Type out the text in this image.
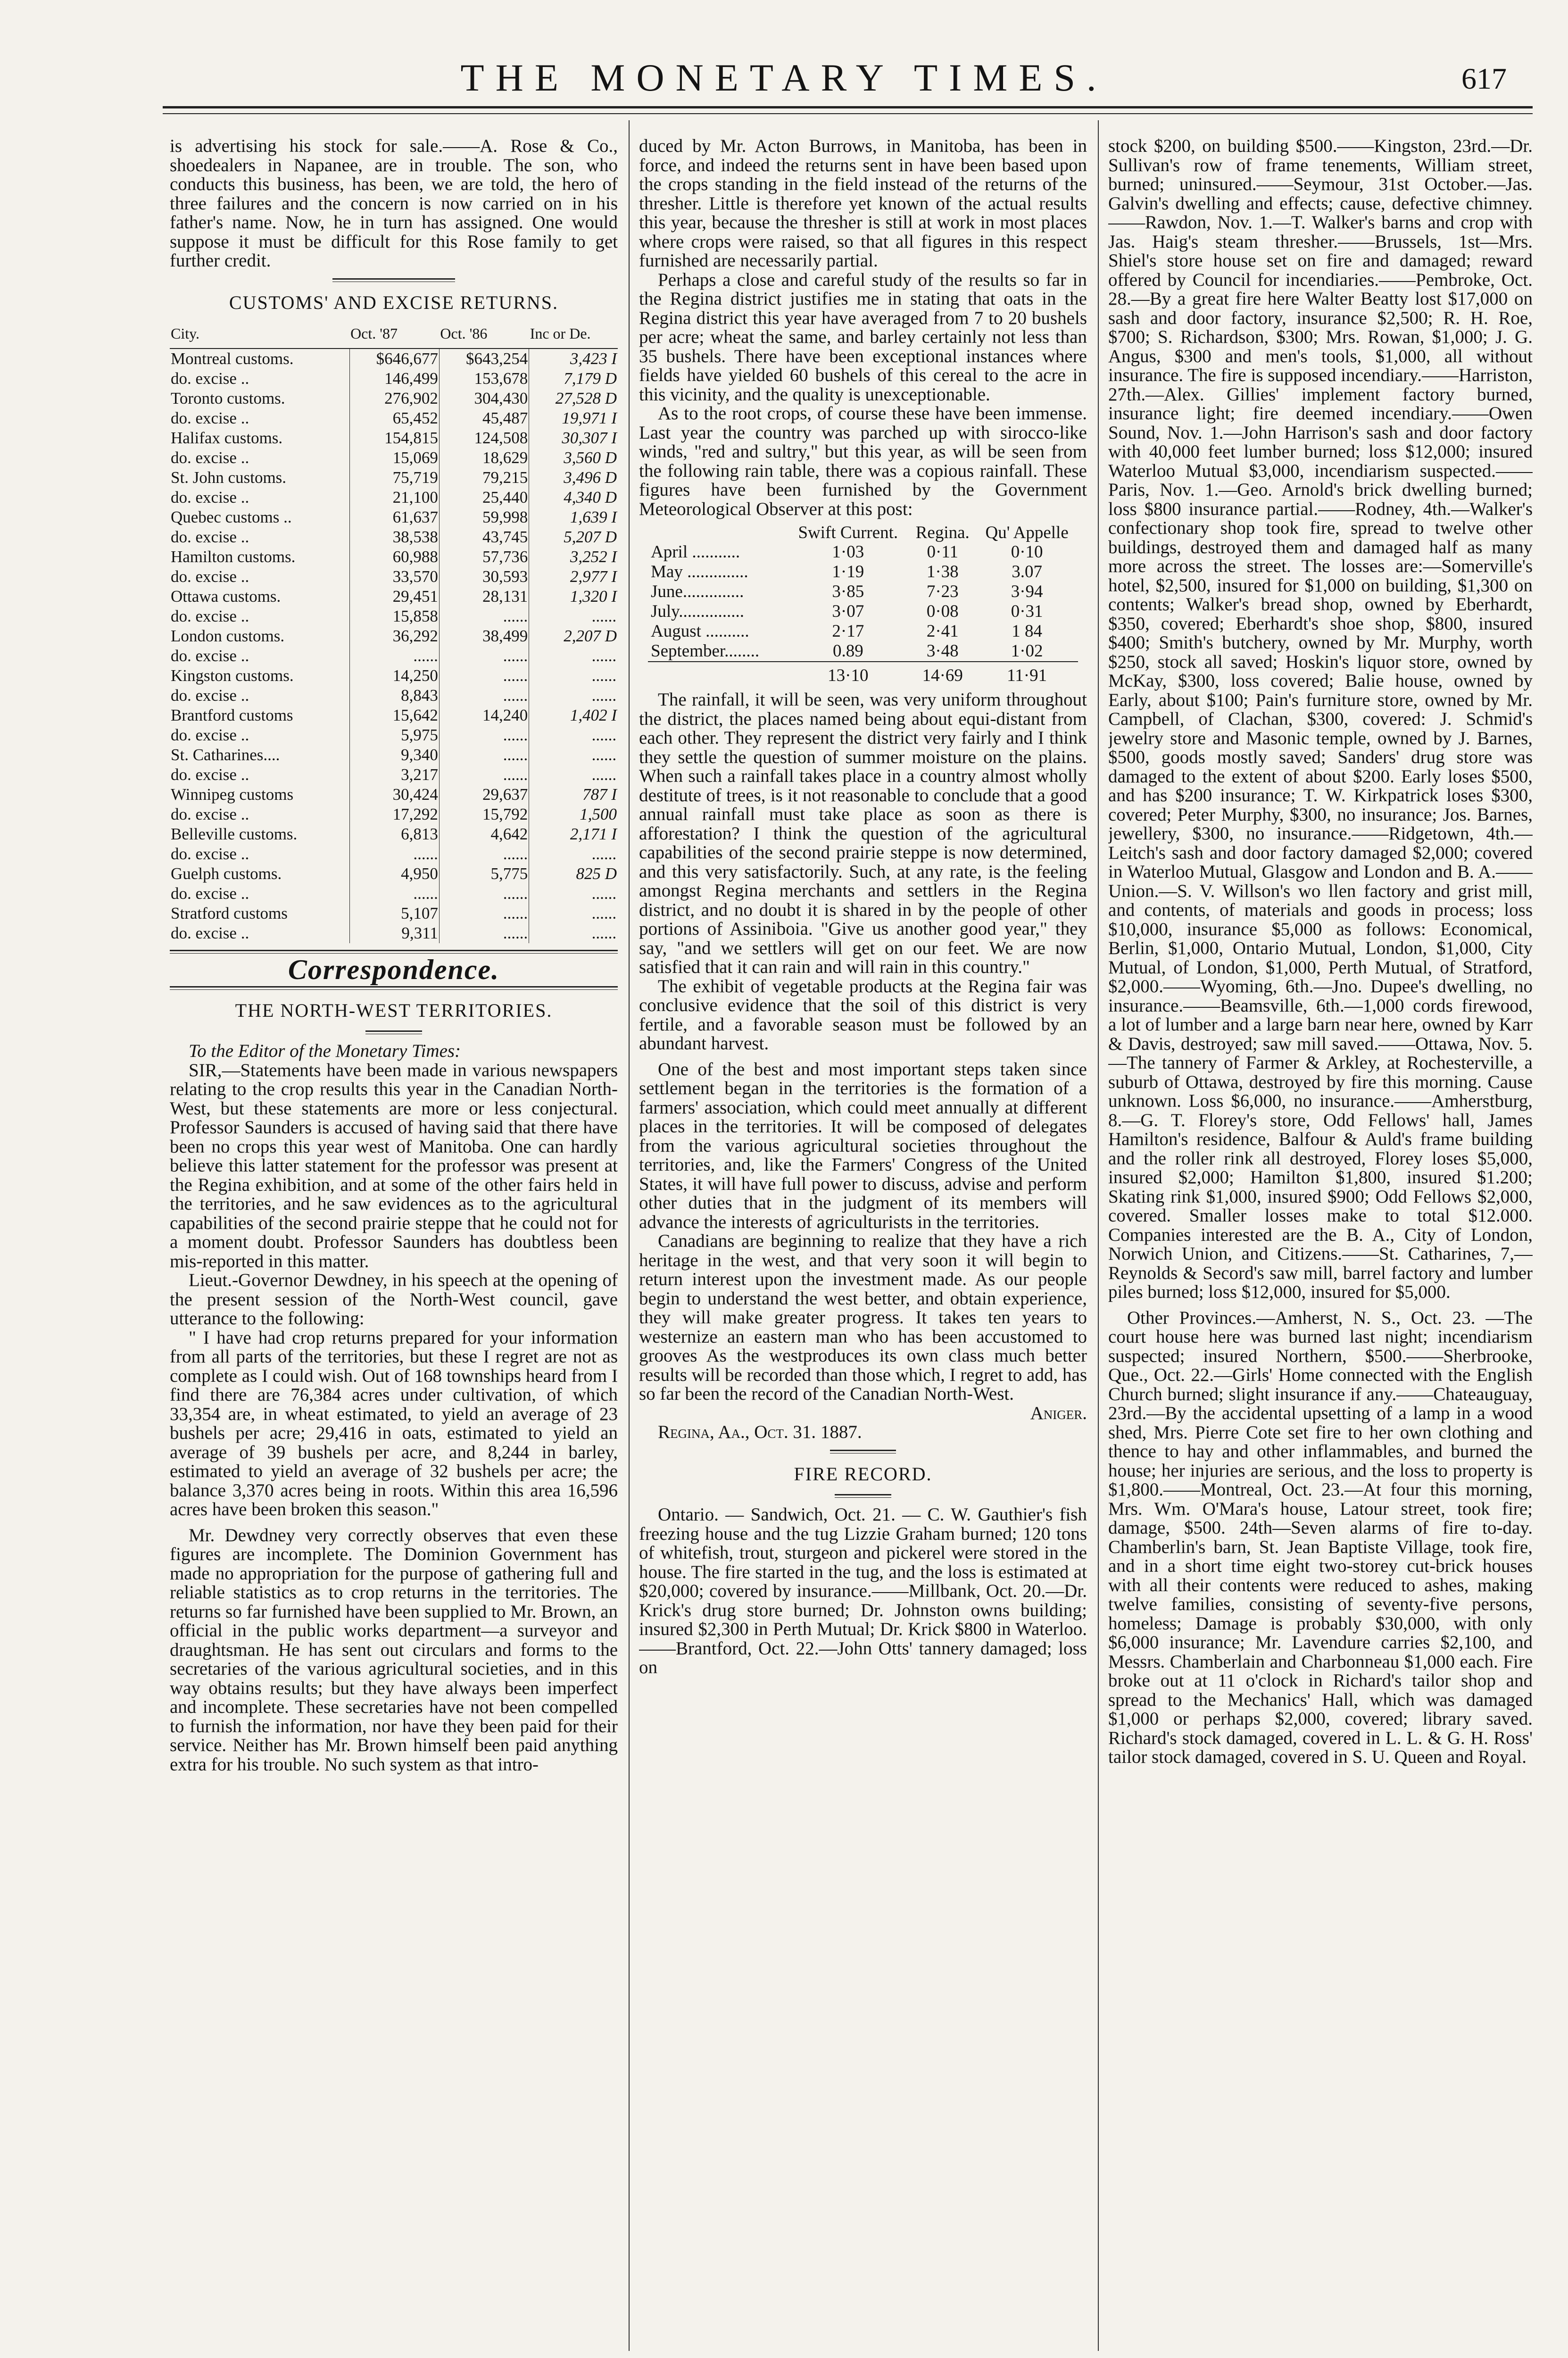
THE MONETARY TIMES.	617

is advertising his stock for sale.——A. Rose & Co., shoedealers in Napanee, are in trouble. The son, who conducts this business, has been, we are told, the hero of three failures and the concern is now carried on in his father's name. Now, he in turn has assigned. One would suppose it must be difficult for this Rose family to get further credit.

CUSTOMS' AND EXCISE RETURNS.
City.	Oct. '87	Oct. '86	Inc or De.
Montreal customs.	$646,677	$643,254	3,423 I
do. excise ..	146,499	153,678	7,179 D
Toronto customs.	276,902	304,430	27,528 D
do. excise ..	65,452	45,487	19,971 I
Halifax customs.	154,815	124,508	30,307 I
do. excise ..	15,069	18,629	3,560 D
St. John customs.	75,719	79,215	3,496 D
do. excise ..	21,100	25,440	4,340 D
Quebec customs ..	61,637	59,998	1,639 I
do. excise ..	38,538	43,745	5,207 D
Hamilton customs.	60,988	57,736	3,252 I
do. excise ..	33,570	30,593	2,977 I
Ottawa customs.	29,451	28,131	1,320 I
do. excise ..	15,858	......	......
London customs.	36,292	38,499	2,207 D
do. excise ..	......	......	......
Kingston customs.	14,250	......	......
do. excise ..	8,843	......	......
Brantford customs	15,642	14,240	1,402 I
do. excise ..	5,975	......	......
St. Catharines....	9,340	......	......
do. excise ..	3,217	......	......
Winnipeg customs	30,424	29,637	787 I
do. excise ..	17,292	15,792	1,500
Belleville customs.	6,813	4,642	2,171 I
do. excise ..	......	......	......
Guelph customs.	4,950	5,775	825 D
do. excise ..	......	......	......
Stratford customs	5,107	......	......
do. excise ..	9,311	......	......
Correspondence.
THE NORTH-WEST TERRITORIES.

To the Editor of the Monetary Times:

SIR,—Statements have been made in various newspapers relating to the crop results this year in the Canadian North-West, but these statements are more or less conjectural. Professor Saunders is accused of having said that there have been no crops this year west of Manitoba. One can hardly believe this latter statement for the professor was present at the Regina exhibition, and at some of the other fairs held in the territories, and he saw evidences as to the agricultural capabilities of the second prairie steppe that he could not for a moment doubt. Professor Saunders has doubtless been mis-reported in this matter.

Lieut.-Governor Dewdney, in his speech at the opening of the present session of the North-West council, gave utterance to the following:

" I have had crop returns prepared for your information from all parts of the territories, but these I regret are not as complete as I could wish. Out of 168 townships heard from I find there are 76,384 acres under cultivation, of which 33,354 are, in wheat estimated, to yield an average of 23 bushels per acre; 29,416 in oats, estimated to yield an average of 39 bushels per acre, and 8,244 in barley, estimated to yield an average of 32 bushels per acre; the balance 3,370 acres being in roots. Within this area 16,596 acres have been broken this season."

Mr. Dewdney very correctly observes that even these figures are incomplete. The Dominion Government has made no appropriation for the purpose of gathering full and reliable statistics as to crop returns in the territories. The returns so far furnished have been supplied to Mr. Brown, an official in the public works department—a surveyor and draughtsman. He has sent out circulars and forms to the secretaries of the various agricultural societies, and in this way obtains results; but they have always been imperfect and incomplete. These secretaries have not been compelled to furnish the information, nor have they been paid for their service. Neither has Mr. Brown himself been paid anything extra for his trouble. No such system as that intro-

duced by Mr. Acton Burrows, in Manitoba, has been in force, and indeed the returns sent in have been based upon the crops standing in the field instead of the returns of the thresher. Little is therefore yet known of the actual results this year, because the thresher is still at work in most places where crops were raised, so that all figures in this respect furnished are necessarily partial.

Perhaps a close and careful study of the results so far in the Regina district justifies me in stating that oats in the Regina district this year have averaged from 7 to 20 bushels per acre; wheat the same, and barley certainly not less than 35 bushels. There have been exceptional instances where fields have yielded 60 bushels of this cereal to the acre in this vicinity, and the quality is unexceptionable.

As to the root crops, of course these have been immense. Last year the country was parched up with sirocco-like winds, "red and sultry," but this year, as will be seen from the following rain table, there was a copious rainfall. These figures have been furnished by the Government Meteorological Observer at this post:

	Swift Current.	Regina.	Qu' Appelle
April ...........	1·03	0·11	0·10
May ..............	1·19	1·38	3.07
June..............	3·85	7·23	3·94
July...............	3·07	0·08	0·31
August ..........	2·17	2·41	1 84
September........	0.89	3·48	1·02
	13·10	14·69	11·91

The rainfall, it will be seen, was very uniform throughout the district, the places named being about equi-distant from each other. They represent the district very fairly and I think they settle the question of summer moisture on the plains. When such a rainfall takes place in a country almost wholly destitute of trees, is it not reasonable to conclude that a good annual rainfall must take place as soon as there is afforestation? I think the question of the agricultural capabilities of the second prairie steppe is now determined, and this very satisfactorily. Such, at any rate, is the feeling amongst Regina merchants and settlers in the Regina district, and no doubt it is shared in by the people of other portions of Assiniboia. "Give us another good year," they say, "and we settlers will get on our feet. We are now satisfied that it can rain and will rain in this country."

The exhibit of vegetable products at the Regina fair was conclusive evidence that the soil of this district is very fertile, and a favorable season must be followed by an abundant harvest.

One of the best and most important steps taken since settlement began in the territories is the formation of a farmers' association, which could meet annually at different places in the territories. It will be composed of delegates from the various agricultural societies throughout the territories, and, like the Farmers' Congress of the United States, it will have full power to discuss, advise and perform other duties that in the judgment of its members will advance the interests of agriculturists in the territories.

Canadians are beginning to realize that they have a rich heritage in the west, and that very soon it will begin to return interest upon the investment made. As our people begin to understand the west better, and obtain experience, they will make greater progress. It takes ten years to westernize an eastern man who has been accustomed to grooves As the westproduces its own class much better results will be recorded than those which, I regret to add, has so far been the record of the Canadian North-West.

Aniger.

Regina, Aa., Oct. 31. 1887.

FIRE RECORD.

Ontario. — Sandwich, Oct. 21. — C. W. Gauthier's fish freezing house and the tug Lizzie Graham burned; 120 tons of whitefish, trout, sturgeon and pickerel were stored in the house. The fire started in the tug, and the loss is estimated at $20,000; covered by insurance.——Millbank, Oct. 20.—Dr. Krick's drug store burned; Dr. Johnston owns building; insured $2,300 in Perth Mutual; Dr. Krick $800 in Waterloo.——Brantford, Oct. 22.—John Otts' tannery damaged; loss on

stock $200, on building $500.——Kingston, 23rd.—Dr. Sullivan's row of frame tenements, William street, burned; uninsured.——Seymour, 31st October.—Jas. Galvin's dwelling and effects; cause, defective chimney.——Rawdon, Nov. 1.—T. Walker's barns and crop with Jas. Haig's steam thresher.——Brussels, 1st—Mrs. Shiel's store house set on fire and damaged; reward offered by Council for incendiaries.——Pembroke, Oct. 28.—By a great fire here Walter Beatty lost $17,000 on sash and door factory, insurance $2,500; R. H. Roe, $700; S. Richardson, $300; Mrs. Rowan, $1,000; J. G. Angus, $300 and men's tools, $1,000, all without insurance. The fire is supposed incendiary.——Harriston, 27th.—Alex. Gillies' implement factory burned, insurance light; fire deemed incendiary.——Owen Sound, Nov. 1.—John Harrison's sash and door factory with 40,000 feet lumber burned; loss $12,000; insured Waterloo Mutual $3,000, incendiarism suspected.——Paris, Nov. 1.—Geo. Arnold's brick dwelling burned; loss $800 insurance partial.——Rodney, 4th.—Walker's confectionary shop took fire, spread to twelve other buildings, destroyed them and damaged half as many more across the street. The losses are:—Somerville's hotel, $2,500, insured for $1,000 on building, $1,300 on contents; Walker's bread shop, owned by Eberhardt, $350, covered; Eberhardt's shoe shop, $800, insured $400; Smith's butchery, owned by Mr. Murphy, worth $250, stock all saved; Hoskin's liquor store, owned by McKay, $300, loss covered; Balie house, owned by Early, about $100; Pain's furniture store, owned by Mr. Campbell, of Clachan, $300, covered: J. Schmid's jewelry store and Masonic temple, owned by J. Barnes, $500, goods mostly saved; Sanders' drug store was damaged to the extent of about $200. Early loses $500, and has $200 insurance; T. W. Kirkpatrick loses $300, covered; Peter Murphy, $300, no insurance; Jos. Barnes, jewellery, $300, no insurance.——Ridgetown, 4th.—Leitch's sash and door factory damaged $2,000; covered in Waterloo Mutual, Glasgow and London and B. A.——Union.—S. V. Willson's wo llen factory and grist mill, and contents, of materials and goods in process; loss $10,000, insurance $5,000 as follows: Economical, Berlin, $1,000, Ontario Mutual, London, $1,000, City Mutual, of London, $1,000, Perth Mutual, of Stratford, $2,000.——Wyoming, 6th.—Jno. Dupee's dwelling, no insurance.——Beamsville, 6th.—1,000 cords firewood, a lot of lumber and a large barn near here, owned by Karr & Davis, destroyed; saw mill saved.——Ottawa, Nov. 5.—The tannery of Farmer & Arkley, at Rochesterville, a suburb of Ottawa, destroyed by fire this morning. Cause unknown. Loss $6,000, no insurance.——Amherstburg, 8.—G. T. Florey's store, Odd Fellows' hall, James Hamilton's residence, Balfour & Auld's frame building and the roller rink all destroyed, Florey loses $5,000, insured $2,000; Hamilton $1,800, insured $1.200; Skating rink $1,000, insured $900; Odd Fellows $2,000, covered. Smaller losses make to total $12.000. Companies interested are the B. A., City of London, Norwich Union, and Citizens.——St. Catharines, 7,—Reynolds & Secord's saw mill, barrel factory and lumber piles burned; loss $12,000, insured for $5,000.

Other Provinces.—Amherst, N. S., Oct. 23. —The court house here was burned last night; incendiarism suspected; insured Northern, $500.——Sherbrooke, Que., Oct. 22.—Girls' Home connected with the English Church burned; slight insurance if any.——Chateauguay, 23rd.—By the accidental upsetting of a lamp in a wood shed, Mrs. Pierre Cote set fire to her own clothing and thence to hay and other inflammables, and burned the house; her injuries are serious, and the loss to property is $1,800.——Montreal, Oct. 23.—At four this morning, Mrs. Wm. O'Mara's house, Latour street, took fire; damage, $500. 24th—Seven alarms of fire to-day. Chamberlin's barn, St. Jean Baptiste Village, took fire, and in a short time eight two-storey cut-brick houses with all their contents were reduced to ashes, making twelve families, consisting of seventy-five persons, homeless; Damage is probably $30,000, with only $6,000 insurance; Mr. Lavendure carries $2,100, and Messrs. Chamberlain and Charbonneau $1,000 each. Fire broke out at 11 o'clock in Richard's tailor shop and spread to the Mechanics' Hall, which was damaged $1,000 or perhaps $2,000, covered; library saved. Richard's stock damaged, covered in L. L. & G. H. Ross' tailor stock damaged, covered in S. U. Queen and Royal.
